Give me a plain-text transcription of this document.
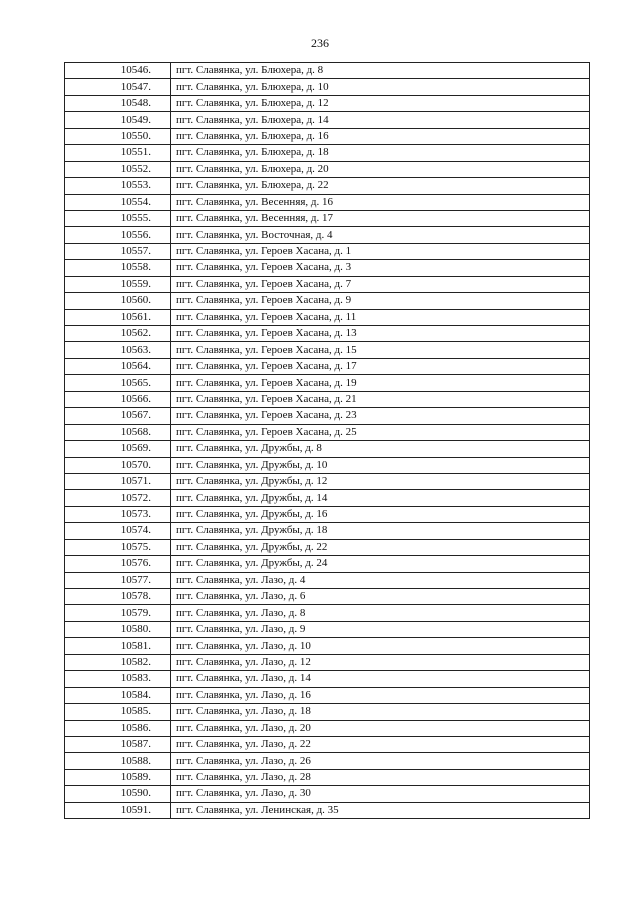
236
10546.	пгт. Славянка, ул. Блюхера, д. 8
10547.	пгт. Славянка, ул. Блюхера, д. 10
10548.	пгт. Славянка, ул. Блюхера, д. 12
10549.	пгт. Славянка, ул. Блюхера, д. 14
10550.	пгт. Славянка, ул. Блюхера, д. 16
10551.	пгт. Славянка, ул. Блюхера, д. 18
10552.	пгт. Славянка, ул. Блюхера, д. 20
10553.	пгт. Славянка, ул. Блюхера, д. 22
10554.	пгт. Славянка, ул. Весенняя, д. 16
10555.	пгт. Славянка, ул. Весенняя, д. 17
10556.	пгт. Славянка, ул. Восточная, д. 4
10557.	пгт. Славянка, ул. Героев Хасана, д. 1
10558.	пгт. Славянка, ул. Героев Хасана, д. 3
10559.	пгт. Славянка, ул. Героев Хасана, д. 7
10560.	пгт. Славянка, ул. Героев Хасана, д. 9
10561.	пгт. Славянка, ул. Героев Хасана, д. 11
10562.	пгт. Славянка, ул. Героев Хасана, д. 13
10563.	пгт. Славянка, ул. Героев Хасана, д. 15
10564.	пгт. Славянка, ул. Героев Хасана, д. 17
10565.	пгт. Славянка, ул. Героев Хасана, д. 19
10566.	пгт. Славянка, ул. Героев Хасана, д. 21
10567.	пгт. Славянка, ул. Героев Хасана, д. 23
10568.	пгт. Славянка, ул. Героев Хасана, д. 25
10569.	пгт. Славянка, ул. Дружбы, д. 8
10570.	пгт. Славянка, ул. Дружбы, д. 10
10571.	пгт. Славянка, ул. Дружбы, д. 12
10572.	пгт. Славянка, ул. Дружбы, д. 14
10573.	пгт. Славянка, ул. Дружбы, д. 16
10574.	пгт. Славянка, ул. Дружбы, д. 18
10575.	пгт. Славянка, ул. Дружбы, д. 22
10576.	пгт. Славянка, ул. Дружбы, д. 24
10577.	пгт. Славянка, ул. Лазо, д. 4
10578.	пгт. Славянка, ул. Лазо, д. 6
10579.	пгт. Славянка, ул. Лазо, д. 8
10580.	пгт. Славянка, ул. Лазо, д. 9
10581.	пгт. Славянка, ул. Лазо, д. 10
10582.	пгт. Славянка, ул. Лазо, д. 12
10583.	пгт. Славянка, ул. Лазо, д. 14
10584.	пгт. Славянка, ул. Лазо, д. 16
10585.	пгт. Славянка, ул. Лазо, д. 18
10586.	пгт. Славянка, ул. Лазо, д. 20
10587.	пгт. Славянка, ул. Лазо, д. 22
10588.	пгт. Славянка, ул. Лазо, д. 26
10589.	пгт. Славянка, ул. Лазо, д. 28
10590.	пгт. Славянка, ул. Лазо, д. 30
10591.	пгт. Славянка, ул. Ленинская, д. 35
